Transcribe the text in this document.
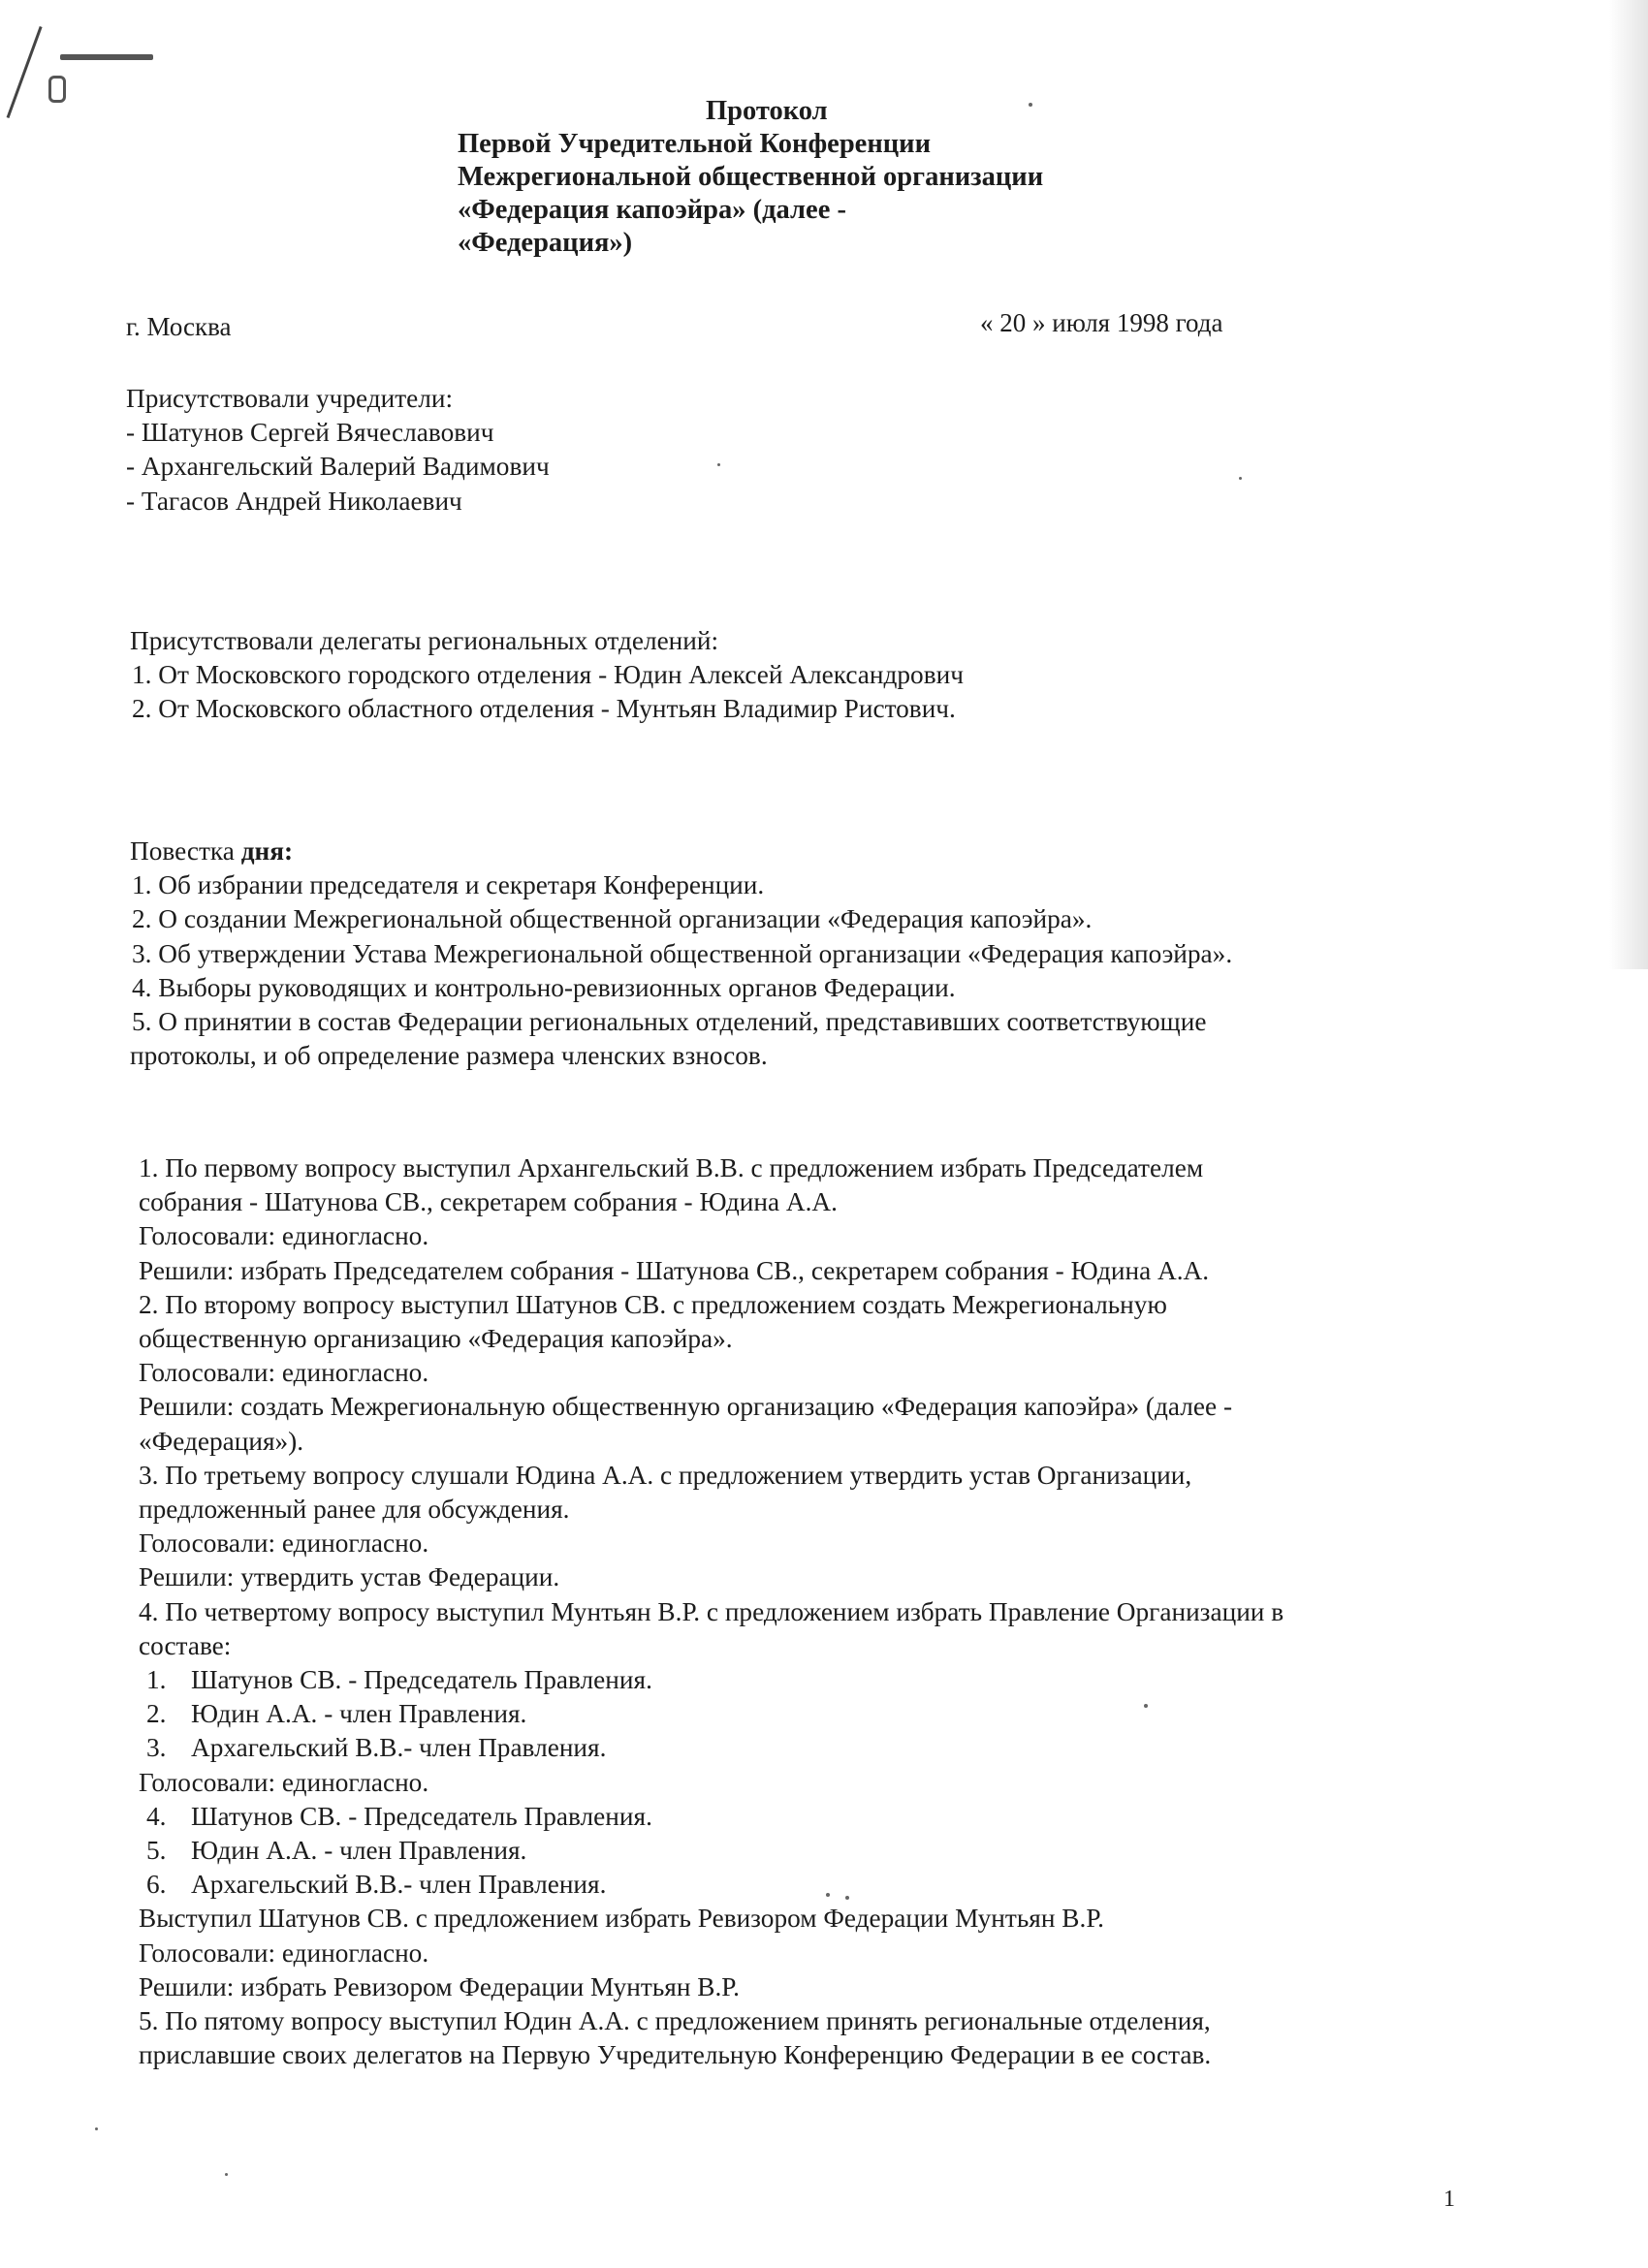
Протокол
Первой Учредительной Конференции
Межрегиональной общественной организации
«Федерация капоэйра» (далее -
«Федерация»)
г. Москва	« 20 » июля 1998 года
Присутствовали учредители:
- Шатунов Сергей Вячеславович
- Архангельский Валерий Вадимович
- Тагасов Андрей Николаевич
Присутствовали делегаты региональных отделений:
1. От Московского городского отделения - Юдин Алексей Александрович
2. От Московского областного отделения - Мунтьян Владимир Ристович.
Повестка дня:
1. Об избрании председателя и секретаря Конференции.
2. О создании Межрегиональной общественной организации «Федерация капоэйра».
3. Об утверждении Устава Межрегиональной общественной организации «Федерация капоэйра».
4. Выборы руководящих и контрольно-ревизионных органов Федерации.
5. О принятии в состав Федерации региональных отделений, представивших соответствующие
протоколы, и об определение размера членских взносов.
1. По первому вопросу выступил Архангельский В.В. с предложением избрать Председателем
собрания - Шатунова СВ., секретарем собрания - Юдина А.А.
Голосовали: единогласно.
Решили: избрать Председателем собрания - Шатунова СВ., секретарем собрания - Юдина А.А.
2. По второму вопросу выступил Шатунов СВ. с предложением создать Межрегиональную
общественную организацию «Федерация капоэйра».
Голосовали: единогласно.
Решили: создать Межрегиональную общественную организацию «Федерация капоэйра» (далее -
«Федерация»).
3. По третьему вопросу слушали Юдина А.А. с предложением утвердить устав Организации,
предложенный ранее для обсуждения.
Голосовали: единогласно.
Решили: утвердить устав Федерации.
4. По четвертому вопросу выступил Мунтьян В.Р. с предложением избрать Правление Организации в
составе:
1. Шатунов СВ. - Председатель Правления.
2. Юдин А.А. - член Правления.
3. Архагельский В.В.- член Правления.
Голосовали: единогласно.
4. Шатунов СВ. - Председатель Правления.
5. Юдин А.А. - член Правления.
6. Архагельский В.В.- член Правления.
Выступил Шатунов СВ. с предложением избрать Ревизором Федерации Мунтьян В.Р.
Голосовали: единогласно.
Решили: избрать Ревизором Федерации Мунтьян В.Р.
5. По пятому вопросу выступил Юдин А.А. с предложением принять региональные отделения,
приславшие своих делегатов на Первую Учредительную Конференцию Федерации в ее состав.
1
